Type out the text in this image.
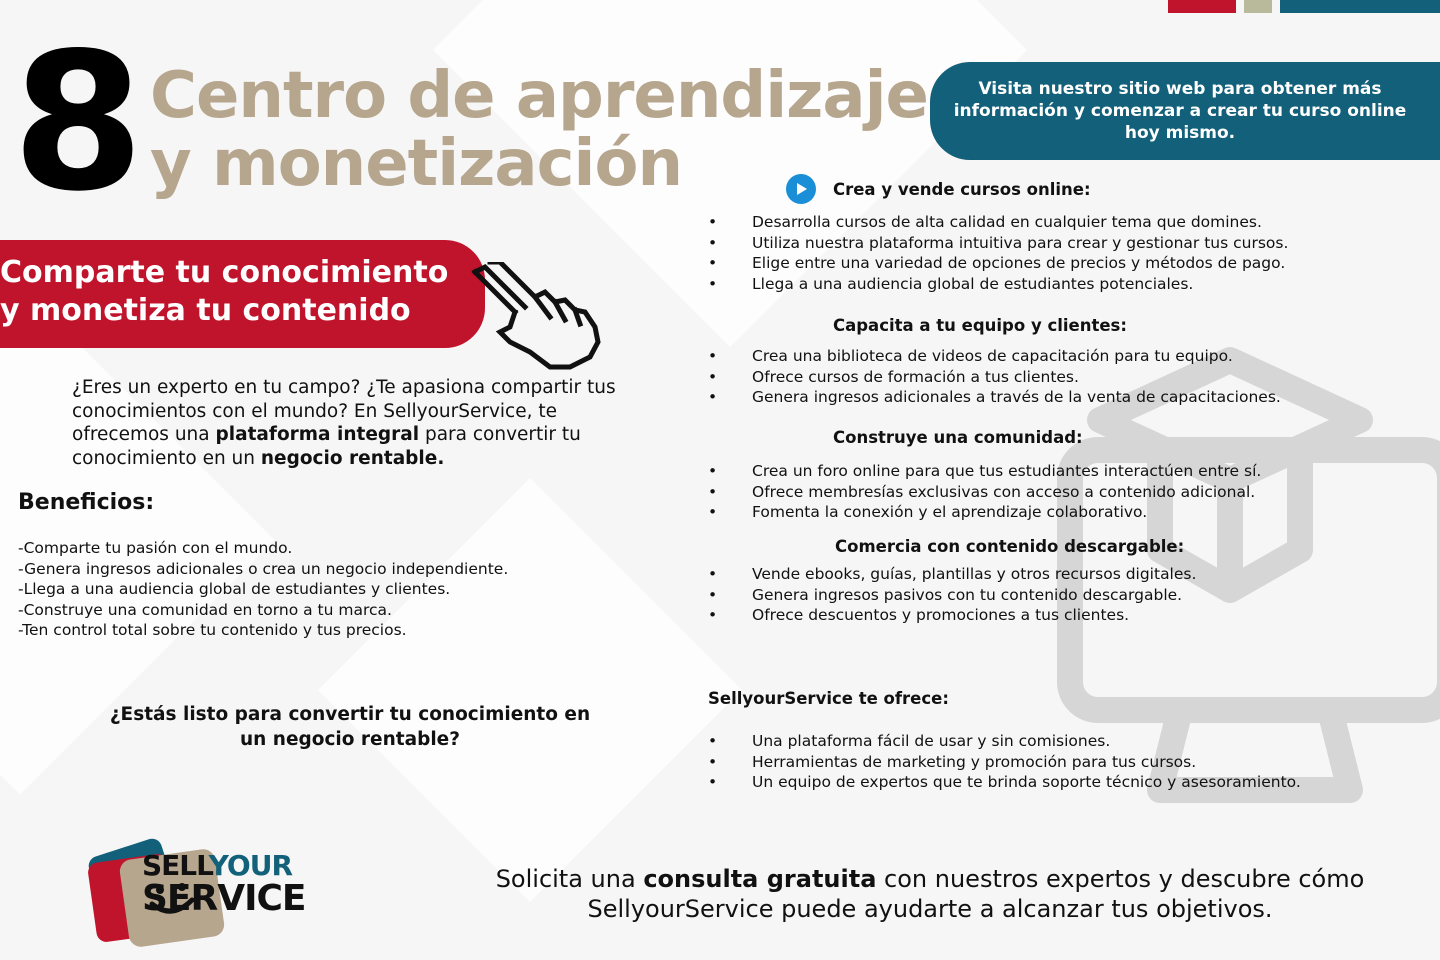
8 Centro de aprendizaje
y monetización
Visita nuestro sitio web para obtener más
información y comenzar a crear tu curso online
hoy mismo.
Comparte tu conocimiento
y monetiza tu contenido
¿Eres un experto en tu campo? ¿Te apasiona compartir tus conocimientos con el mundo? En SellyourService, te ofrecemos una plataforma integral para convertir tu conocimiento en un negocio rentable.
Beneficios:
-Comparte tu pasión con el mundo.
-Genera ingresos adicionales o crea un negocio independiente.
-Llega a una audiencia global de estudiantes y clientes.
-Construye una comunidad en torno a tu marca.
-Ten control total sobre tu contenido y tus precios.
¿Estás listo para convertir tu conocimiento en
un negocio rentable?
Crea y vende cursos online:
• Desarrolla cursos de alta calidad en cualquier tema que domines.
• Utiliza nuestra plataforma intuitiva para crear y gestionar tus cursos.
• Elige entre una variedad de opciones de precios y métodos de pago.
• Llega a una audiencia global de estudiantes potenciales.
Capacita a tu equipo y clientes:
• Crea una biblioteca de videos de capacitación para tu equipo.
• Ofrece cursos de formación a tus clientes.
• Genera ingresos adicionales a través de la venta de capacitaciones.
Construye una comunidad:
• Crea un foro online para que tus estudiantes interactúen entre sí.
• Ofrece membresías exclusivas con acceso a contenido adicional.
• Fomenta la conexión y el aprendizaje colaborativo.
Comercia con contenido descargable:
• Vende ebooks, guías, plantillas y otros recursos digitales.
• Genera ingresos pasivos con tu contenido descargable.
• Ofrece descuentos y promociones a tus clientes.
SellyourService te ofrece:
• Una plataforma fácil de usar y sin comisiones.
• Herramientas de marketing y promoción para tus cursos.
• Un equipo de expertos que te brinda soporte técnico y asesoramiento.
SELLYOUR
SERVICE	Solicita una consulta gratuita con nuestros expertos y descubre cómo
SellyourService puede ayudarte a alcanzar tus objetivos.
